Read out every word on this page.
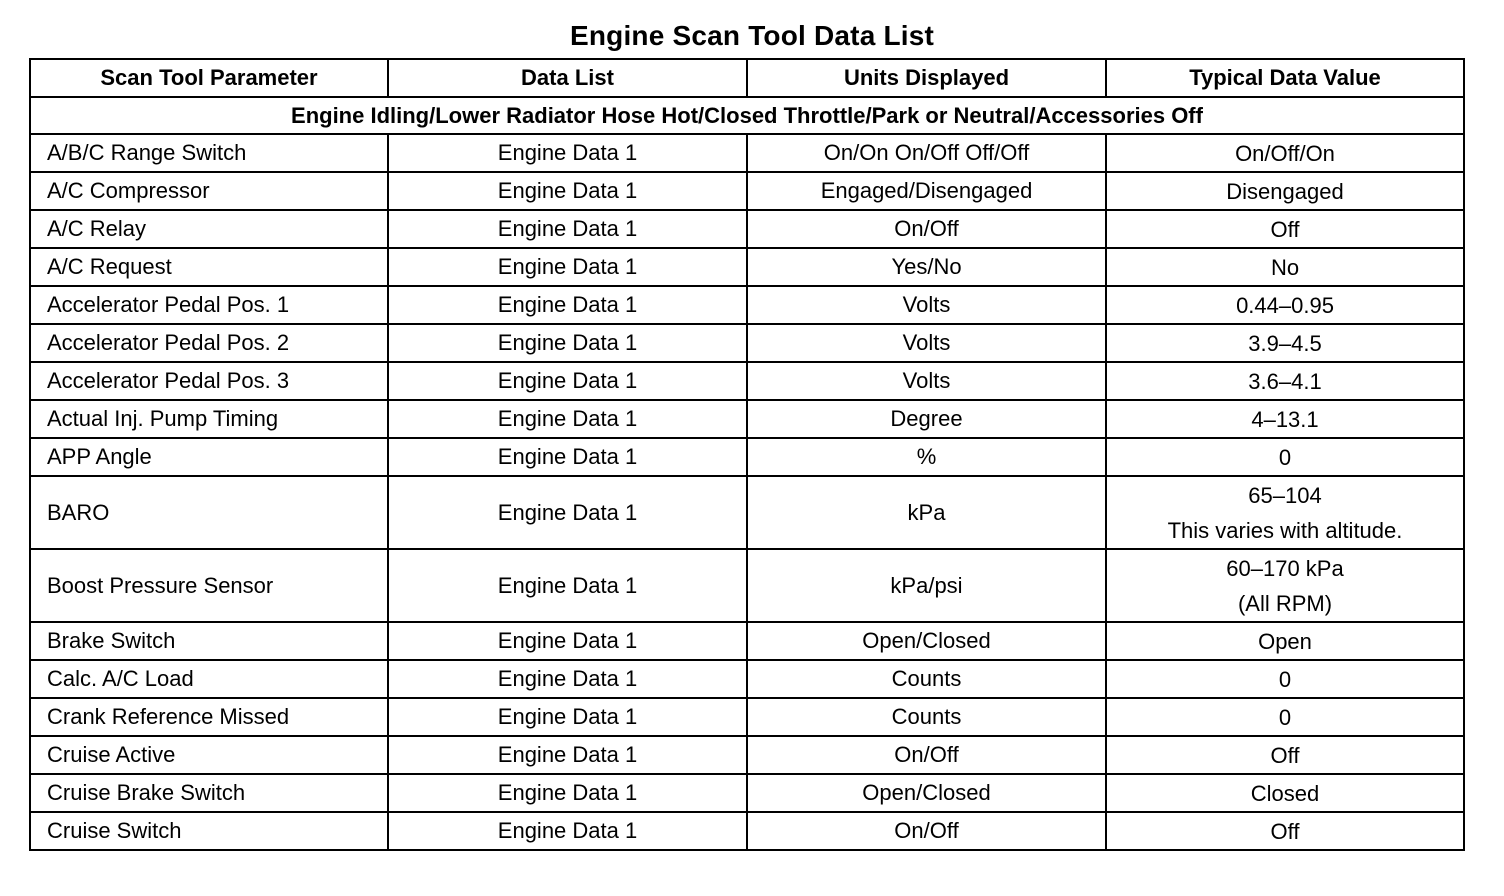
Engine Scan Tool Data List
Scan Tool Parameter	Data List	Units Displayed	Typical Data Value
Engine Idling/Lower Radiator Hose Hot/Closed Throttle/Park or Neutral/Accessories Off			
A/B/C Range Switch	Engine Data 1	On/On On/Off Off/Off	On/Off/On

A/C Compressor	Engine Data 1	Engaged/Disengaged	Disengaged

A/C Relay	Engine Data 1	On/Off	Off

A/C Request	Engine Data 1	Yes/No	No

Accelerator Pedal Pos. 1	Engine Data 1	Volts	0.44–0.95

Accelerator Pedal Pos. 2	Engine Data 1	Volts	3.9–4.5

Accelerator Pedal Pos. 3	Engine Data 1	Volts	3.6–4.1

Actual Inj. Pump Timing	Engine Data 1	Degree	4–13.1

APP Angle	Engine Data 1	%	0

BARO	Engine Data 1	kPa	65–104
This varies with altitude.

Boost Pressure Sensor	Engine Data 1	kPa/psi	60–170 kPa
(All RPM)

Brake Switch	Engine Data 1	Open/Closed	Open

Calc. A/C Load	Engine Data 1	Counts	0

Crank Reference Missed	Engine Data 1	Counts	0

Cruise Active	Engine Data 1	On/Off	Off

Cruise Brake Switch	Engine Data 1	Open/Closed	Closed

Cruise Switch	Engine Data 1	On/Off	Off
